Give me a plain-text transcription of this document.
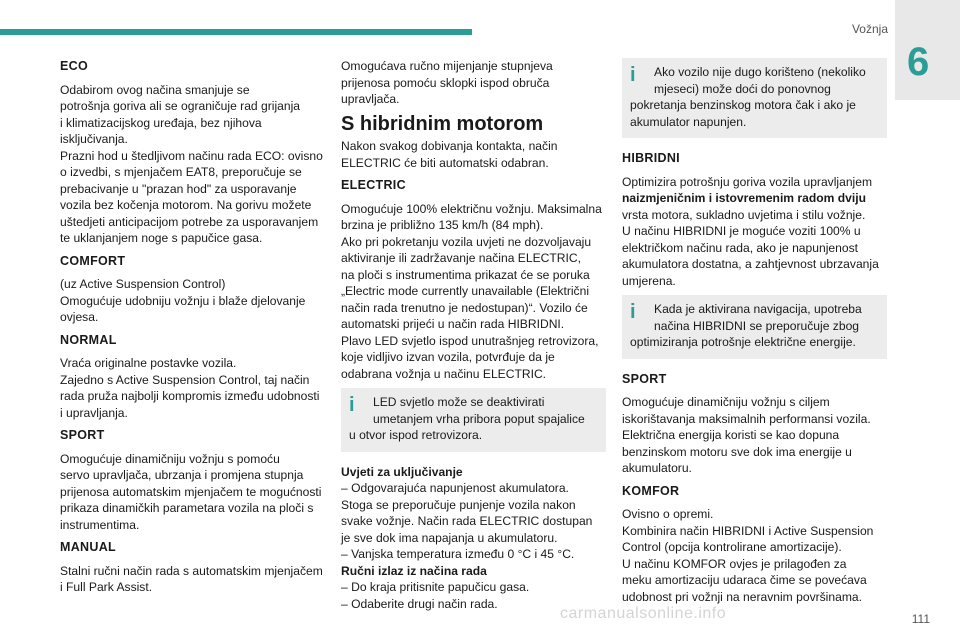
Vožnja
6
ECO

Odabirom ovog načina smanjuje se
potrošnja goriva ali se ograničuje rad grijanja
i klimatizacijskog uređaja, bez njihova
isključivanja.
Prazni hod u štedljivom načinu rada ECO: ovisno
o izvedbi, s mjenjačem EAT8, preporučuje se
prebacivanje u "prazan hod" za usporavanje
vozila bez kočenja motorom. Na gorivu možete
uštedjeti anticipacijom potrebe za usporavanjem
te uklanjanjem noge s papučice gasa.

COMFORT

(uz Active Suspension Control)
Omogućuje udobniju vožnju i blaže djelovanje
ovjesa.

NORMAL

Vraća originalne postavke vozila.
Zajedno s Active Suspension Control, taj način
rada pruža najbolji kompromis između udobnosti
i upravljanja.

SPORT

Omogućuje dinamičniju vožnju s pomoću
servo upravljača, ubrzanja i promjena stupnja
prijenosa automatskim mjenjačem te mogućnosti
prikaza dinamičkih parametara vozila na ploči s
instrumentima.

MANUAL

Stalni ručni način rada s automatskim mjenjačem
i Full Park Assist.

Omogućava ručno mijenjanje stupnjeva
prijenosa pomoću sklopki ispod obruča
upravljača.

S hibridnim motorom

Nakon svakog dobivanja kontakta, način
ELECTRIC će biti automatski odabran.

ELECTRIC

Omogućuje 100% električnu vožnju. Maksimalna
brzina je približno 135 km/h (84 mph).
Ako pri pokretanju vozila uvjeti ne dozvoljavaju
aktiviranje ili zadržavanje načina ELECTRIC,
na ploči s instrumentima prikazat će se poruka
„Electric mode currently unavailable (Električni
način rada trenutno je nedostupan)“. Vozilo će
automatski prijeći u način rada HIBRIDNI.
Plavo LED svjetlo ispod unutrašnjeg retrovizora,
koje vidljivo izvan vozila, potvrđuje da je
odabrana vožnja u načinu ELECTRIC.

i	LED svjetlo može se deaktivirati
umetanjem vrha pribora poput spajalice
u otvor ispod retrovizora.

Uvjeti za uključivanje
– Odgovarajuća napunjenost akumulatora.
Stoga se preporučuje punjenje vozila nakon
svake vožnje. Način rada ELECTRIC dostupan
je sve dok ima napajanja u akumulatoru.
– Vanjska temperatura između 0 °C i 45 °C.
Ručni izlaz iz načina rada
– Do kraja pritisnite papučicu gasa.
– Odaberite drugi način rada.

i	Ako vozilo nije dugo korišteno (nekoliko
mjeseci) može doći do ponovnog
pokretanja benzinskog motora čak i ako je
akumulator napunjen.
HIBRIDNI

Optimizira potrošnju goriva vozila upravljanjem
naizmjeničnim i istovremenim radom dviju
vrsta motora, sukladno uvjetima i stilu vožnje.
U načinu HIBRIDNI je moguće voziti 100% u
električkom načinu rada, ako je napunjenost
akumulatora dostatna, a zahtjevnost ubrzavanja
umjerena.

i	Kada je aktivirana navigacija, upotreba
načina HIBRIDNI se preporučuje zbog
optimiziranja potrošnje električne energije.
SPORT

Omogućuje dinamičniju vožnju s ciljem
iskorištavanja maksimalnih performansi vozila.
Električna energija koristi se kao dopuna
benzinskom motoru sve dok ima energije u
akumulatoru.

KOMFOR

Ovisno o opremi.
Kombinira način HIBRIDNI i Active Suspension
Control (opcija kontrolirane amortizacije).
U načinu KOMFOR ovjes je prilagođen za
meku amortizaciju udaraca čime se povećava
udobnost pri vožnji na neravnim površinama.

carmanualsonline.info	111
